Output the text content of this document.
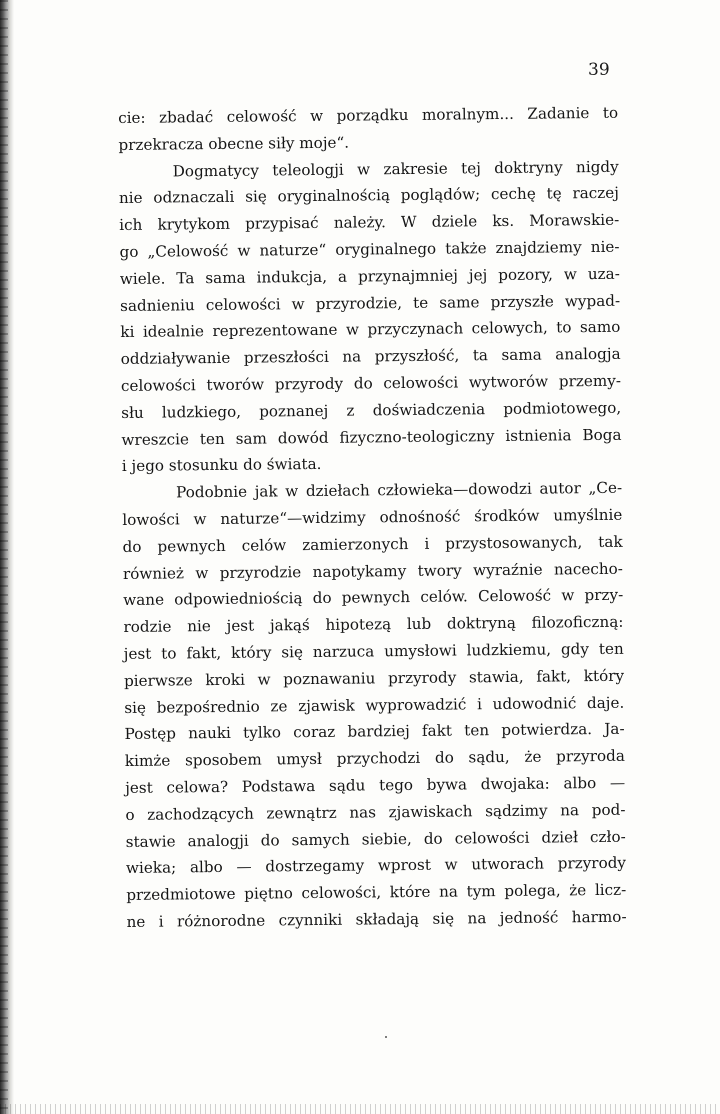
39
cie: zbadać celowość w porządku moralnym... Zadanie to
przekracza obecne siły moje“.
Dogmatycy teleologji w zakresie tej doktryny nigdy
nie odznaczali się oryginalnością poglądów; cechę tę raczej
ich krytykom przypisać należy. W dziele ks. Morawskie-
go „Celowość w naturze“ oryginalnego także znajdziemy nie-
wiele. Ta sama indukcja, a przynajmniej jej pozory, w uza-
sadnieniu celowości w przyrodzie, te same przyszłe wypad-
ki idealnie reprezentowane w przyczynach celowych, to samo
oddziaływanie przeszłości na przyszłość, ta sama analogja
celowości tworów przyrody do celowości wytworów przemy-
słu ludzkiego, poznanej z doświadczenia podmiotowego,
wreszcie ten sam dowód fizyczno-teologiczny istnienia Boga
i jego stosunku do świata.
Podobnie jak w dziełach człowieka—dowodzi autor „Ce-
lowości w naturze“—widzimy odnośność środków umyślnie
do pewnych celów zamierzonych i przystosowanych, tak
również w przyrodzie napotykamy twory wyraźnie nacecho-
wane odpowiedniością do pewnych celów. Celowość w przy-
rodzie nie jest jakąś hipotezą lub doktryną filozoficzną:
jest to fakt, który się narzuca umysłowi ludzkiemu, gdy ten
pierwsze kroki w poznawaniu przyrody stawia, fakt, który
się bezpośrednio ze zjawisk wyprowadzić i udowodnić daje.
Postęp nauki tylko coraz bardziej fakt ten potwierdza. Ja-
kimże sposobem umysł przychodzi do sądu, że przyroda
jest celowa? Podstawa sądu tego bywa dwojaka: albo —
o zachodzących zewnątrz nas zjawiskach sądzimy na pod-
stawie analogji do samych siebie, do celowości dzieł czło-
wieka; albo — dostrzegamy wprost w utworach przyrody
przedmiotowe piętno celowości, które na tym polega, że licz-
ne i różnorodne czynniki składają się na jedność harmo-
